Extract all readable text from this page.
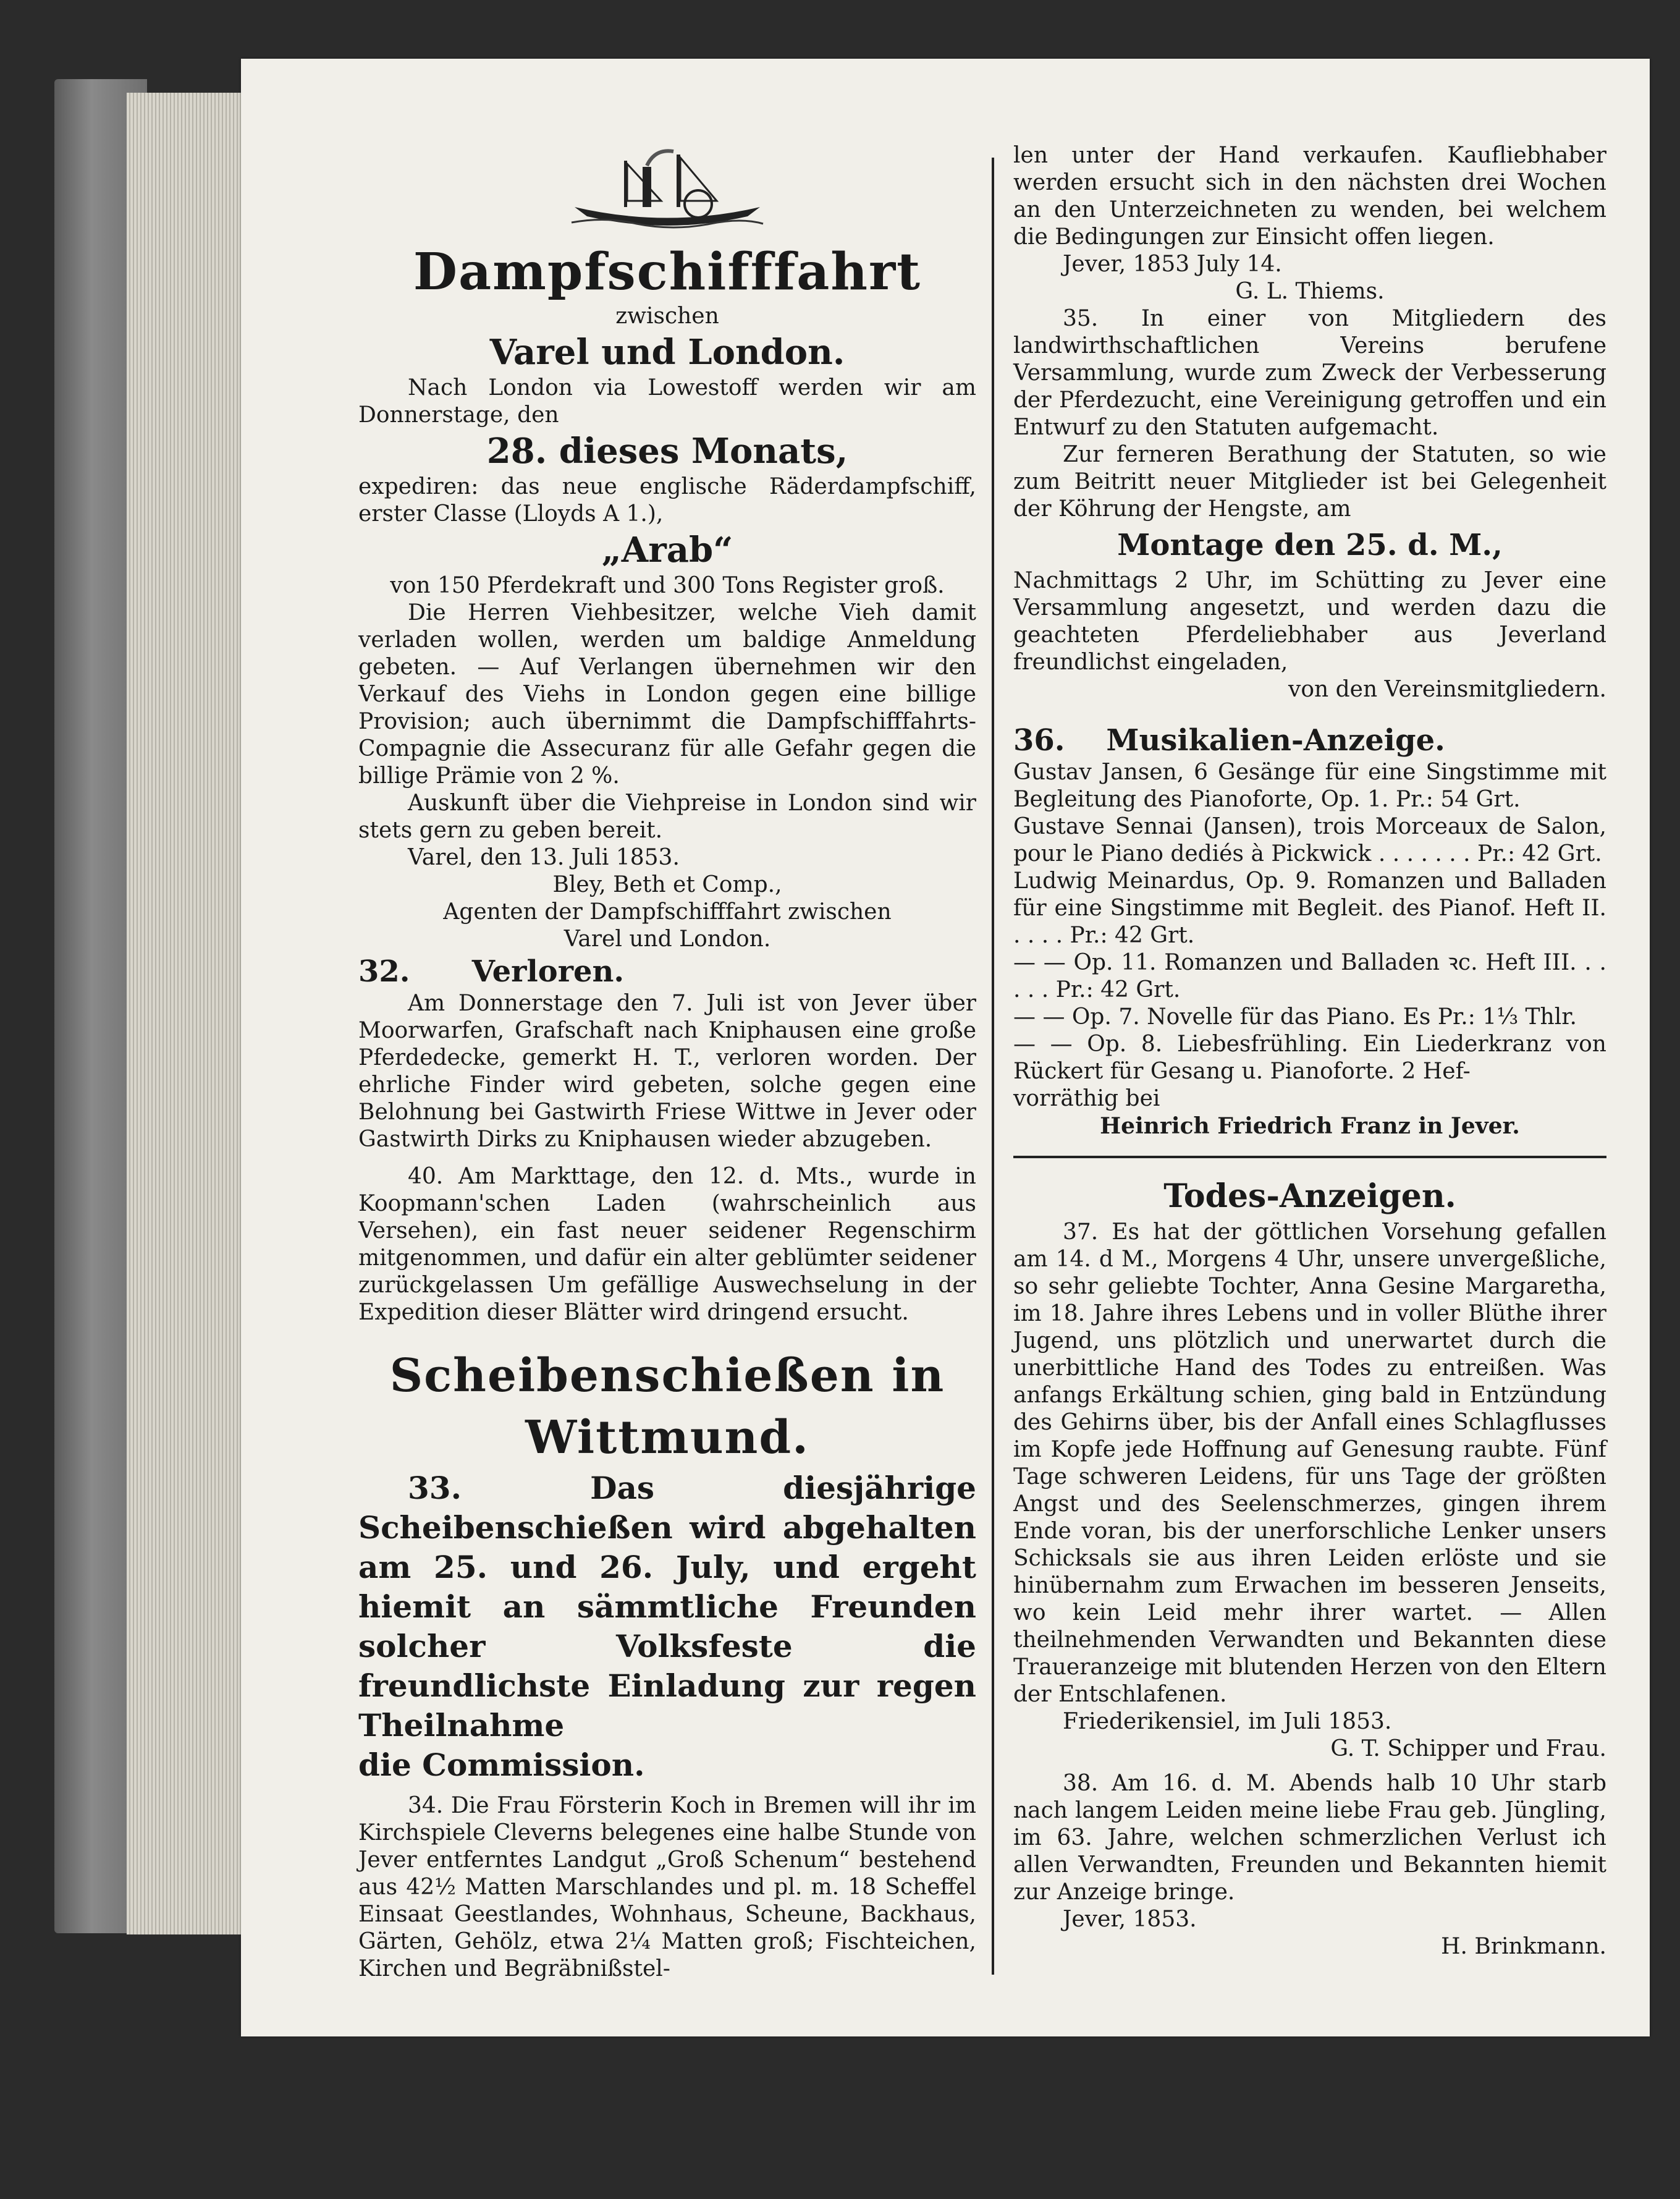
Dampfschifffahrt

zwischen

Varel und London.

Nach London via Lowestoff werden wir am Donnerstage, den

28. dieses Monats,

expediren: das neue englische Räderdampfschiff, erster Classe (Lloyds A 1.),

„Arab“

von 150 Pferdekraft und 300 Tons Register groß.

Die Herren Viehbesitzer, welche Vieh damit verladen wollen, werden um baldige Anmeldung gebeten. — Auf Verlangen übernehmen wir den Verkauf des Viehs in London gegen eine billige Provision; auch übernimmt die Dampfschifffahrts-Compagnie die Assecuranz für alle Gefahr gegen die billige Prämie von 2 %.

Auskunft über die Viehpreise in London sind wir stets gern zu geben bereit.

Varel, den 13. Juli 1853.

Bley, Beth et Comp.,

Agenten der Dampfschifffahrt zwischen

Varel und London.

32. Verloren.

Am Donnerstage den 7. Juli ist von Jever über Moorwarfen, Grafschaft nach Kniphausen eine große Pferdedecke, gemerkt H. T., verloren worden. Der ehrliche Finder wird gebeten, solche gegen eine Belohnung bei Gastwirth Friese Wittwe in Jever oder Gastwirth Dirks zu Kniphausen wieder abzugeben.

40. Am Markttage, den 12. d. Mts., wurde in Koopmann'schen Laden (wahrscheinlich aus Versehen), ein fast neuer seidener Regenschirm mitgenommen, und dafür ein alter geblümter seidener zurückgelassen Um gefällige Auswechselung in der Expedition dieser Blätter wird dringend ersucht.

Scheibenschießen in

Wittmund.

33. Das diesjährige Scheibenschießen wird abgehalten am 25. und 26. July, und ergeht hiemit an sämmtliche Freunden solcher Volksfeste die freundlichste Einladung zur regen Theilnahme

die Commission.

34. Die Frau Försterin Koch in Bremen will ihr im Kirchspiele Cleverns belegenes eine halbe Stunde von Jever entferntes Landgut „Groß Schenum“ bestehend aus 42½ Matten Marschlandes und pl. m. 18 Scheffel Einsaat Geestlandes, Wohnhaus, Scheune, Backhaus, Gärten, Gehölz, etwa 2¼ Matten groß; Fischteichen, Kirchen und Begräbnißstel-

len unter der Hand verkaufen. Kaufliebhaber werden ersucht sich in den nächsten drei Wochen an den Unterzeichneten zu wenden, bei welchem die Bedingungen zur Einsicht offen liegen.

Jever, 1853 July 14.

G. L. Thiems.

35. In einer von Mitgliedern des landwirthschaftlichen Vereins berufene Versammlung, wurde zum Zweck der Verbesserung der Pferdezucht, eine Vereinigung getroffen und ein Entwurf zu den Statuten aufgemacht.

Zur ferneren Berathung der Statuten, so wie zum Beitritt neuer Mitglieder ist bei Gelegenheit der Köhrung der Hengste, am

Montage den 25. d. M.,

Nachmittags 2 Uhr, im Schütting zu Jever eine Versammlung angesetzt, und werden dazu die geachteten Pferdeliebhaber aus Jeverland freundlichst eingeladen,

von den Vereinsmitgliedern.

36. Musikalien-Anzeige.

Gustav Jansen, 6 Gesänge für eine Singstimme mit Begleitung des Pianoforte, Op. 1. Pr.: 54 Grt.

Gustave Sennai (Jansen), trois Morceaux de Salon, pour le Piano dediés à Pickwick . . . . . . . Pr.: 42 Grt.

Ludwig Meinardus, Op. 9. Romanzen und Balladen für eine Singstimme mit Begleit. des Pianof. Heft II. . . . . Pr.: 42 Grt.

— — Op. 11. Romanzen und Balladen ꝛc. Heft III. . . . . . Pr.: 42 Grt.

— — Op. 7. Novelle für das Piano. Es Pr.: 1⅓ Thlr.

— — Op. 8. Liebesfrühling. Ein Liederkranz von Rückert für Gesang u. Pianoforte. 2 Hef-

vorräthig bei

Heinrich Friedrich Franz in Jever.

Todes-Anzeigen.

37. Es hat der göttlichen Vorsehung gefallen am 14. d M., Morgens 4 Uhr, unsere unvergeßliche, so sehr geliebte Tochter, Anna Gesine Margaretha, im 18. Jahre ihres Lebens und in voller Blüthe ihrer Jugend, uns plötzlich und unerwartet durch die unerbittliche Hand des Todes zu entreißen. Was anfangs Erkältung schien, ging bald in Entzündung des Gehirns über, bis der Anfall eines Schlagflusses im Kopfe jede Hoffnung auf Genesung raubte. Fünf Tage schweren Leidens, für uns Tage der größten Angst und des Seelenschmerzes, gingen ihrem Ende voran, bis der unerforschliche Lenker unsers Schicksals sie aus ihren Leiden erlöste und sie hinübernahm zum Erwachen im besseren Jenseits, wo kein Leid mehr ihrer wartet. — Allen theilnehmenden Verwandten und Bekannten diese Traueranzeige mit blutenden Herzen von den Eltern der Entschlafenen.

Friederikensiel, im Juli 1853.

G. T. Schipper und Frau.

38. Am 16. d. M. Abends halb 10 Uhr starb nach langem Leiden meine liebe Frau geb. Jüngling, im 63. Jahre, welchen schmerzlichen Verlust ich allen Verwandten, Freunden und Bekannten hiemit zur Anzeige bringe.

Jever, 1853.

H. Brinkmann.
